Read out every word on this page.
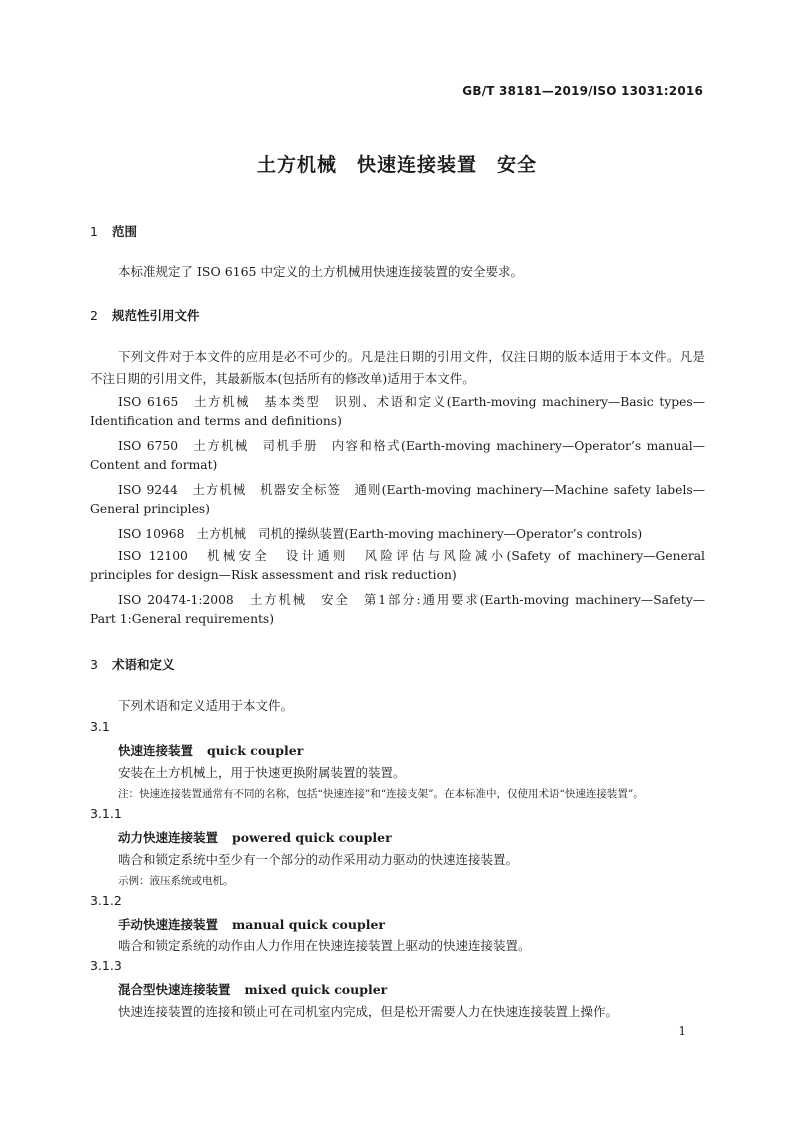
GB/T 38181—2019/ISO 13031:2016
土方机械　快速连接装置　安全
1 范围
本标准规定了 ISO 6165 中定义的土方机械用快速连接装置的安全要求。
2 规范性引用文件
下列文件对于本文件的应用是必不可少的。凡是注日期的引用文件，仅注日期的版本适用于本文件。凡是不注日期的引用文件，其最新版本(包括所有的修改单)适用于本文件。
ISO 6165　土方机械　基本类型　识别、术语和定义(Earth-moving machinery—Basic types—
Identification and terms and definitions)
ISO 6750　土方机械　司机手册　内容和格式(Earth-moving machinery—Operator’s manual—
Content and format)
ISO 9244　土方机械　机器安全标签　通则(Earth-moving machinery—Machine safety labels—
General principles)
ISO 10968　土方机械　司机的操纵装置(Earth-moving machinery—Operator’s controls)
ISO 12100　机械安全　设计通则　风险评估与风险减小(Safety of machinery—General
principles for design—Risk assessment and risk reduction)
ISO 20474-1:2008　土方机械　安全　第1部分:通用要求(Earth-moving machinery—Safety—
Part 1:General requirements)
3 术语和定义
下列术语和定义适用于本文件。
3.1
快速连接装置 quick coupler
安装在土方机械上，用于快速更换附属装置的装置。
注：快速连接装置通常有不同的名称，包括“快速连接”和“连接支架”。在本标准中，仅使用术语“快速连接装置”。
3.1.1
动力快速连接装置 powered quick coupler
啮合和锁定系统中至少有一个部分的动作采用动力驱动的快速连接装置。
示例：液压系统或电机。
3.1.2
手动快速连接装置 manual quick coupler
啮合和锁定系统的动作由人力作用在快速连接装置上驱动的快速连接装置。
3.1.3
混合型快速连接装置 mixed quick coupler
快速连接装置的连接和锁止可在司机室内完成，但是松开需要人力在快速连接装置上操作。
1
